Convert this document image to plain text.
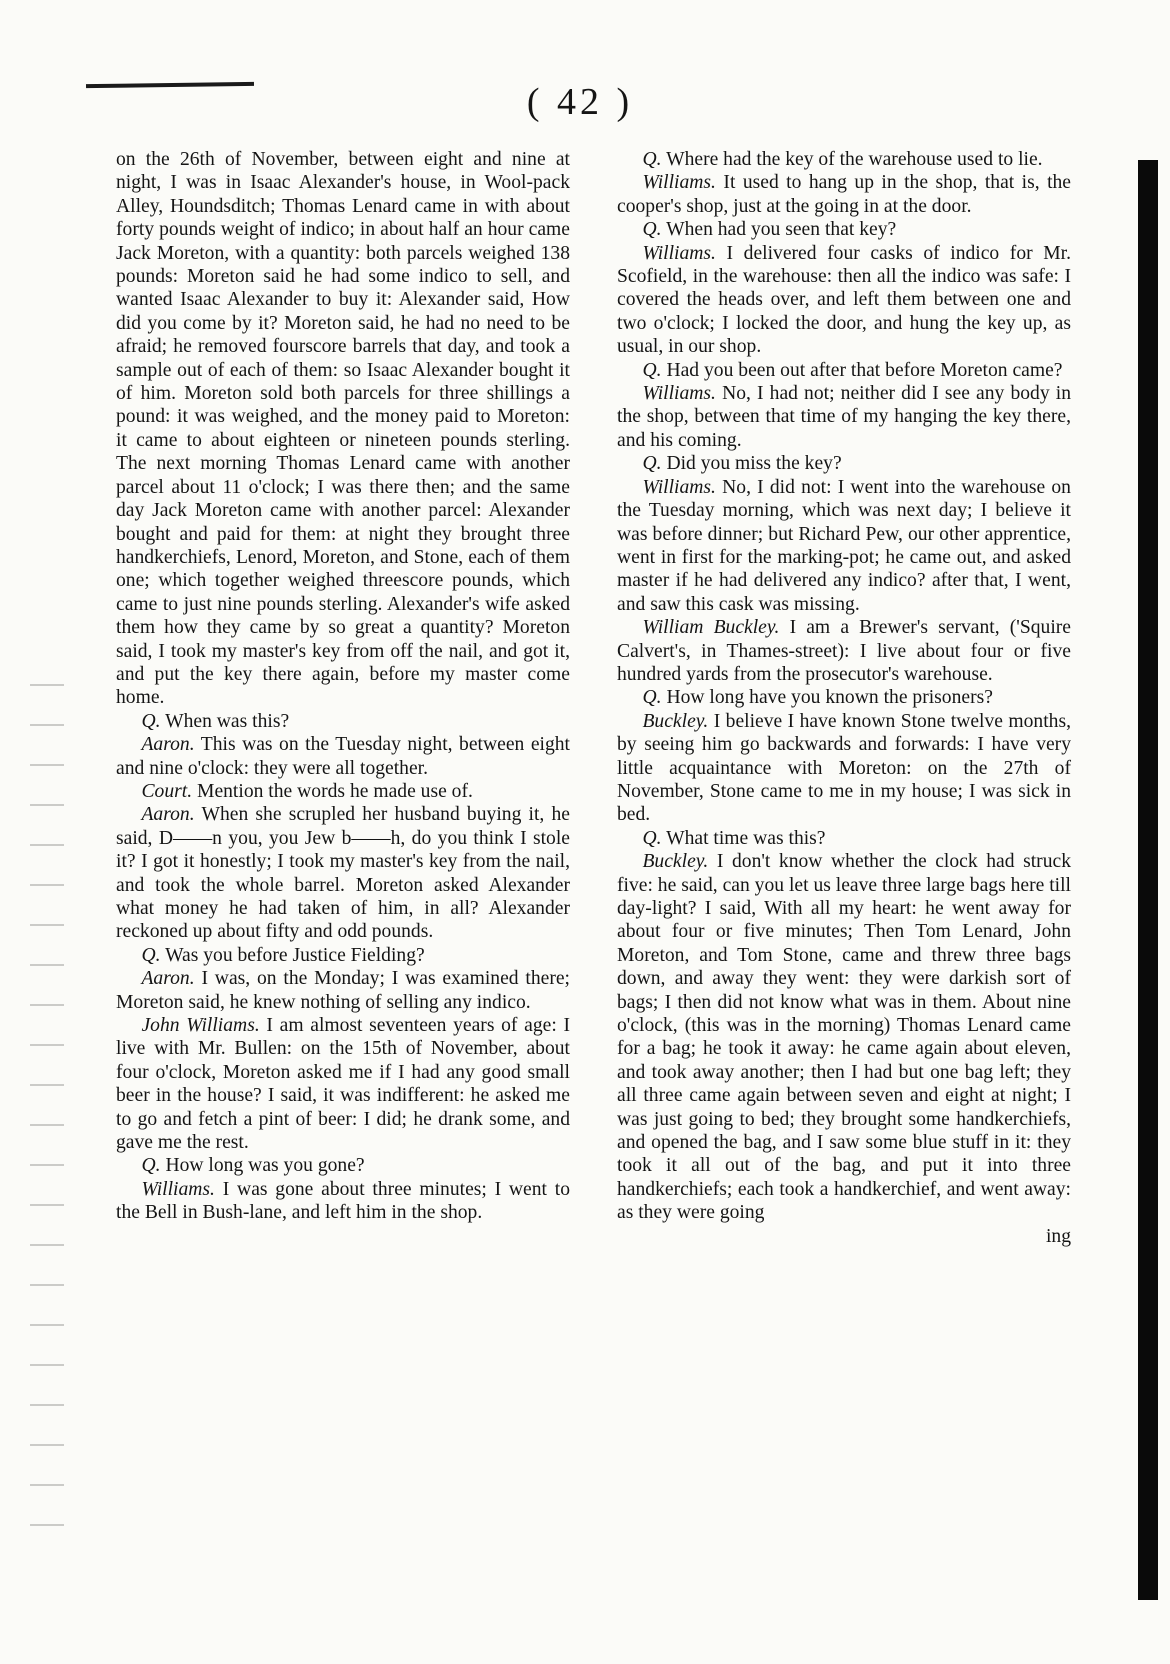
( 42 )

on the 26th of November, between eight and nine at night, I was in Isaac Alexander's house, in Wool-pack Alley, Houndsditch; Thomas Lenard came in with about forty pounds weight of indico; in about half an hour came Jack Moreton, with a quantity: both parcels weighed 138 pounds: Moreton said he had some indico to sell, and wanted Isaac Alexander to buy it: Alexander said, How did you come by it? Moreton said, he had no need to be afraid; he removed fourscore barrels that day, and took a sample out of each of them: so Isaac Alexander bought it of him. Moreton sold both parcels for three shillings a pound: it was weighed, and the money paid to Moreton: it came to about eighteen or nineteen pounds sterling. The next morning Thomas Lenard came with another parcel about 11 o'clock; I was there then; and the same day Jack Moreton came with another parcel: Alexander bought and paid for them: at night they brought three handkerchiefs, Lenord, Moreton, and Stone, each of them one; which together weighed threescore pounds, which came to just nine pounds sterling. Alexander's wife asked them how they came by so great a quantity? Moreton said, I took my master's key from off the nail, and got it, and put the key there again, before my master come home.

Q. When was this?

Aaron. This was on the Tuesday night, between eight and nine o'clock: they were all together.

Court. Mention the words he made use of.

Aaron. When she scrupled her husband buying it, he said, D——n you, you Jew b——h, do you think I stole it? I got it honestly; I took my master's key from the nail, and took the whole barrel. Moreton asked Alexander what money he had taken of him, in all? Alexander reckoned up about fifty and odd pounds.

Q. Was you before Justice Fielding?

Aaron. I was, on the Monday; I was examined there; Moreton said, he knew nothing of selling any indico.

John Williams. I am almost seventeen years of age: I live with Mr. Bullen: on the 15th of November, about four o'clock, Moreton asked me if I had any good small beer in the house? I said, it was indifferent: he asked me to go and fetch a pint of beer: I did; he drank some, and gave me the rest.

Q. How long was you gone?

Williams. I was gone about three minutes; I went to the Bell in Bush-lane, and left him in the shop.

Q. Where had the key of the warehouse used to lie.

Williams. It used to hang up in the shop, that is, the cooper's shop, just at the going in at the door.

Q. When had you seen that key?

Williams. I delivered four casks of indico for Mr. Scofield, in the warehouse: then all the indico was safe: I covered the heads over, and left them between one and two o'clock; I locked the door, and hung the key up, as usual, in our shop.

Q. Had you been out after that before Moreton came?

Williams. No, I had not; neither did I see any body in the shop, between that time of my hanging the key there, and his coming.

Q. Did you miss the key?

Williams. No, I did not: I went into the warehouse on the Tuesday morning, which was next day; I believe it was before dinner; but Richard Pew, our other apprentice, went in first for the marking-pot; he came out, and asked master if he had delivered any indico? after that, I went, and saw this cask was missing.

William Buckley. I am a Brewer's servant, ('Squire Calvert's, in Thames-street): I live about four or five hundred yards from the prosecutor's warehouse.

Q. How long have you known the prisoners?

Buckley. I believe I have known Stone twelve months, by seeing him go backwards and forwards: I have very little acquaintance with Moreton: on the 27th of November, Stone came to me in my house; I was sick in bed.

Q. What time was this?

Buckley. I don't know whether the clock had struck five: he said, can you let us leave three large bags here till day-light? I said, With all my heart: he went away for about four or five minutes; Then Tom Lenard, John Moreton, and Tom Stone, came and threw three bags down, and away they went: they were darkish sort of bags; I then did not know what was in them. About nine o'clock, (this was in the morning) Thomas Lenard came for a bag; he took it away: he came again about eleven, and took away another; then I had but one bag left; they all three came again between seven and eight at night; I was just going to bed; they brought some handkerchiefs, and opened the bag, and I saw some blue stuff in it: they took it all out of the bag, and put it into three handkerchiefs; each took a handkerchief, and went away: as they were going

ing
